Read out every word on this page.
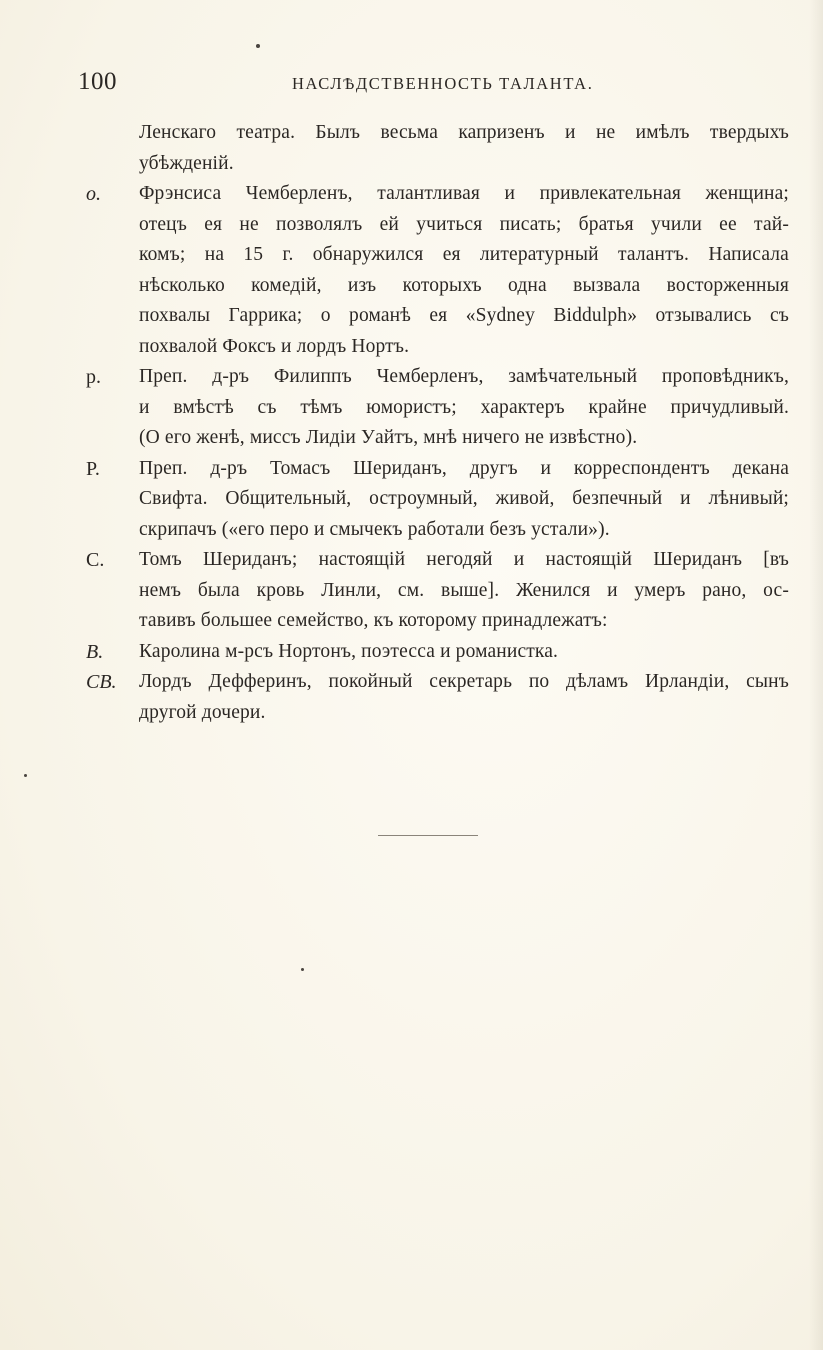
100	НАСЛѢДСТВЕННОСТЬ ТАЛАНТА.
Ленскаго театра. Былъ весьма капризенъ и не имѣлъ твердыхъ
убѣжденій.
o. Фрэнсиса Чемберленъ, талантливая и привлекательная женщина;
отецъ ея не позволялъ ей учиться писать; братья учили ее тай-
комъ; на 15 г. обнаружился ея литературный талантъ. Написала
нѣсколько комедій, изъ которыхъ одна вызвала восторженныя
похвалы Гаррика; о романѣ ея «Sydney Biddulph» отзывались съ
похвалой Фоксъ и лордъ Нортъ.
p. Преп. д-ръ Филиппъ Чемберленъ, замѣчательный проповѣдникъ,
и вмѣстѣ съ тѣмъ юмористъ; характеръ крайне причудливый.
(О его женѣ, миссъ Лидіи Уайтъ, мнѣ ничего не извѣстно).
P. Преп. д-ръ Томасъ Шериданъ, другъ и корреспондентъ декана
Свифта. Общительный, остроумный, живой, безпечный и лѣнивый;
скрипачъ («его перо и смычекъ работали безъ устали»).
C. Томъ Шериданъ; настоящій негодяй и настоящій Шериданъ [въ
немъ была кровь Линли, см. выше]. Женился и умеръ рано, ос-
тавивъ большее семейство, къ которому принадлежатъ:
B. Каролина м-рсъ Нортонъ, поэтесса и романистка.
CB. Лордъ Дефферинъ, покойный секретарь по дѣламъ Ирландіи, сынъ
другой дочери.
